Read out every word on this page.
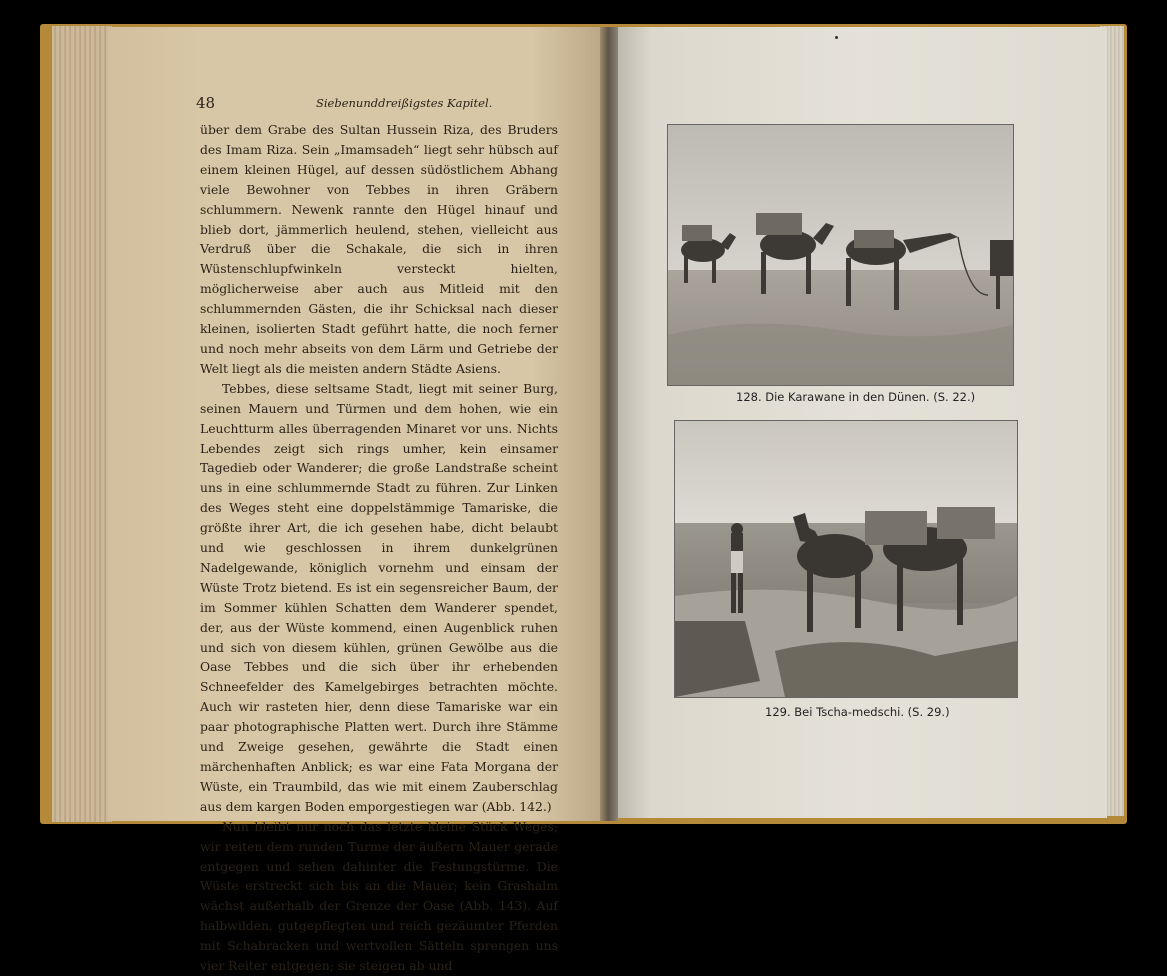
48	Siebenunddreißigstes Kapitel.

über dem Grabe des Sultan Hussein Riza, des Bruders des Imam Riza. Sein „Imamsadeh“ liegt sehr hübsch auf einem kleinen Hügel, auf dessen südöstlichem Abhang viele Bewohner von Tebbes in ihren Gräbern schlummern. Newenk rannte den Hügel hinauf und blieb dort, jämmerlich heulend, stehen, vielleicht aus Verdruß über die Schakale, die sich in ihren Wüstenschlupfwinkeln versteckt hielten, möglicherweise aber auch aus Mitleid mit den schlummernden Gästen, die ihr Schicksal nach dieser kleinen, isolierten Stadt geführt hatte, die noch ferner und noch mehr abseits von dem Lärm und Getriebe der Welt liegt als die meisten andern Städte Asiens.

Tebbes, diese seltsame Stadt, liegt mit seiner Burg, seinen Mauern und Türmen und dem hohen, wie ein Leuchtturm alles überragenden Minaret vor uns. Nichts Lebendes zeigt sich rings umher, kein einsamer Tagedieb oder Wanderer; die große Landstraße scheint uns in eine schlummernde Stadt zu führen. Zur Linken des Weges steht eine doppelstämmige Tamariske, die größte ihrer Art, die ich gesehen habe, dicht belaubt und wie geschlossen in ihrem dunkelgrünen Nadelgewande, königlich vornehm und einsam der Wüste Trotz bietend. Es ist ein segensreicher Baum, der im Sommer kühlen Schatten dem Wanderer spendet, der, aus der Wüste kommend, einen Augenblick ruhen und sich von diesem kühlen, grünen Gewölbe aus die Oase Tebbes und die sich über ihr erhebenden Schneefelder des Kamelgebirges betrachten möchte. Auch wir rasteten hier, denn diese Tamariske war ein paar photographische Platten wert. Durch ihre Stämme und Zweige gesehen, gewährte die Stadt einen märchenhaften Anblick; es war eine Fata Morgana der Wüste, ein Traumbild, das wie mit einem Zauberschlag aus dem kargen Boden emporgestiegen war (Abb. 142.)

Nun bleibt nur noch das letzte kleine Stück Weges; wir reiten dem runden Turme der äußern Mauer gerade entgegen und sehen dahinter die Festungstürme. Die Wüste erstreckt sich bis an die Mauer; kein Grashalm wächst außerhalb der Grenze der Oase (Abb. 143). Auf halbwilden, gutgepflegten und reich gezäumter Pferden mit Schabracken und wertvollen Sätteln sprengen uns vier Reiter entgegen; sie steigen ab und

128. Die Karawane in den Dünen. (S. 22.)
129. Bei Tscha-medschi. (S. 29.)
